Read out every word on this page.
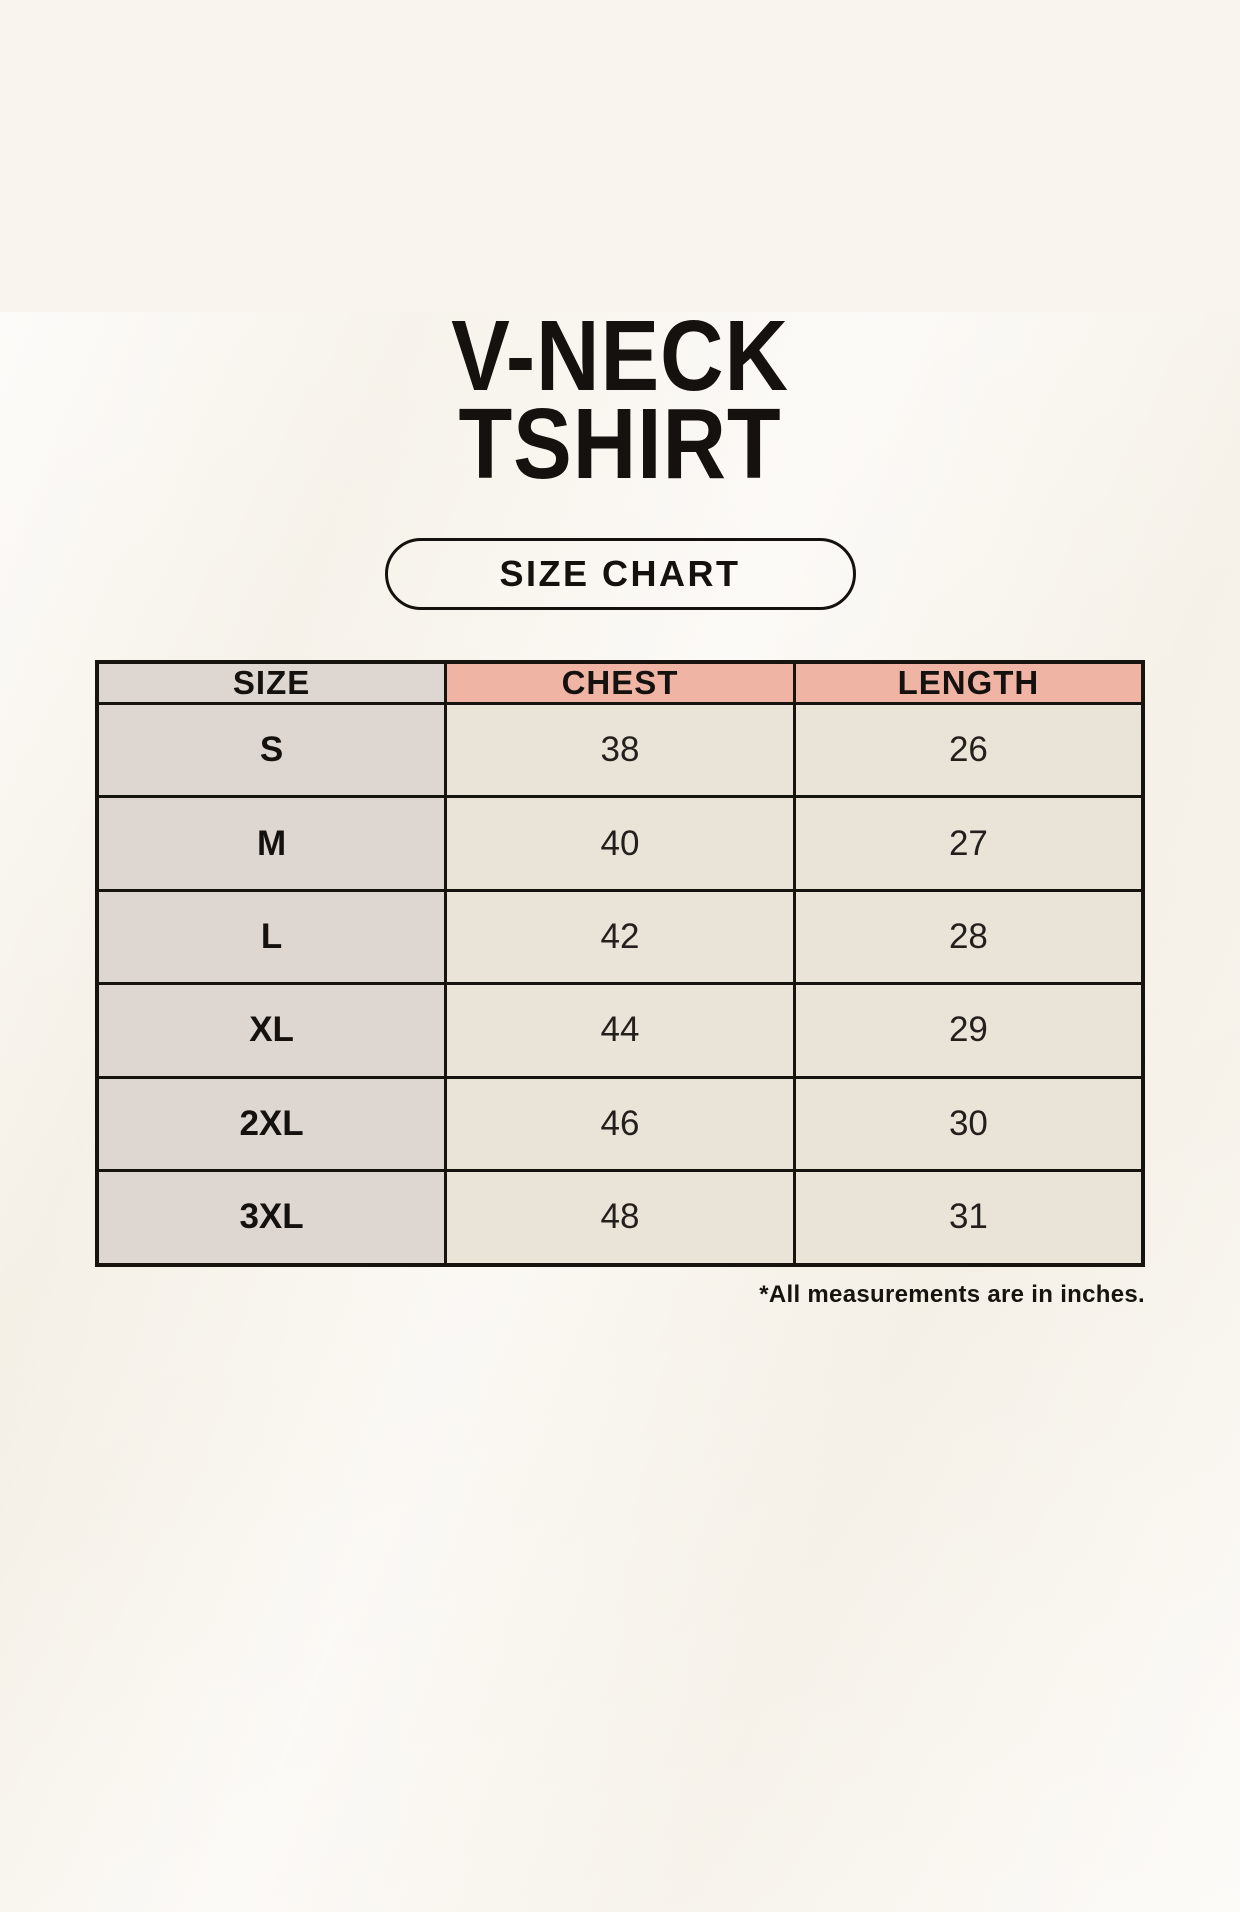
V-NECK
TSHIRT
SIZE CHART
SIZE	CHEST	LENGTH
S	38	26
M	40	27
L	42	28
XL	44	29
2XL	46	30
3XL	48	31
*All measurements are in inches.
